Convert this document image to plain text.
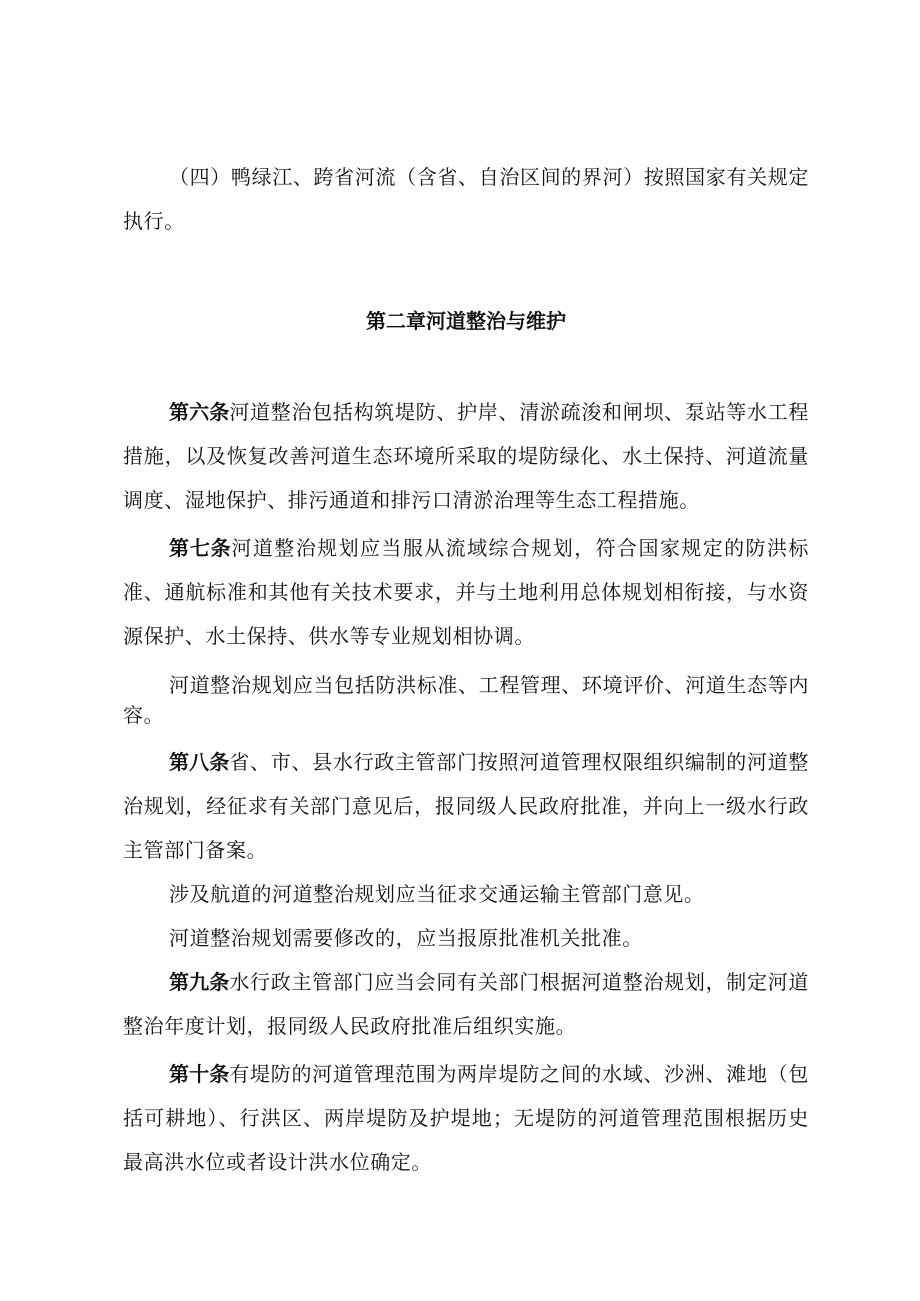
（四）鸭绿江、跨省河流（含省、自治区间的界河）按照国家有关规定执行。

第二章河道整治与维护

第六条河道整治包括构筑堤防、护岸、清淤疏浚和闸坝、泵站等水工程措施，以及恢复改善河道生态环境所采取的堤防绿化、水土保持、河道流量调度、湿地保护、排污通道和排污口清淤治理等生态工程措施。

第七条河道整治规划应当服从流域综合规划，符合国家规定的防洪标准、通航标准和其他有关技术要求，并与土地利用总体规划相衔接，与水资源保护、水土保持、供水等专业规划相协调。

河道整治规划应当包括防洪标准、工程管理、环境评价、河道生态等内容。

第八条省、市、县水行政主管部门按照河道管理权限组织编制的河道整治规划，经征求有关部门意见后，报同级人民政府批准，并向上一级水行政主管部门备案。

涉及航道的河道整治规划应当征求交通运输主管部门意见。

河道整治规划需要修改的，应当报原批准机关批准。

第九条水行政主管部门应当会同有关部门根据河道整治规划，制定河道整治年度计划，报同级人民政府批准后组织实施。

第十条有堤防的河道管理范围为两岸堤防之间的水域、沙洲、滩地（包括可耕地）、行洪区、两岸堤防及护堤地；无堤防的河道管理范围根据历史最高洪水位或者设计洪水位确定。
